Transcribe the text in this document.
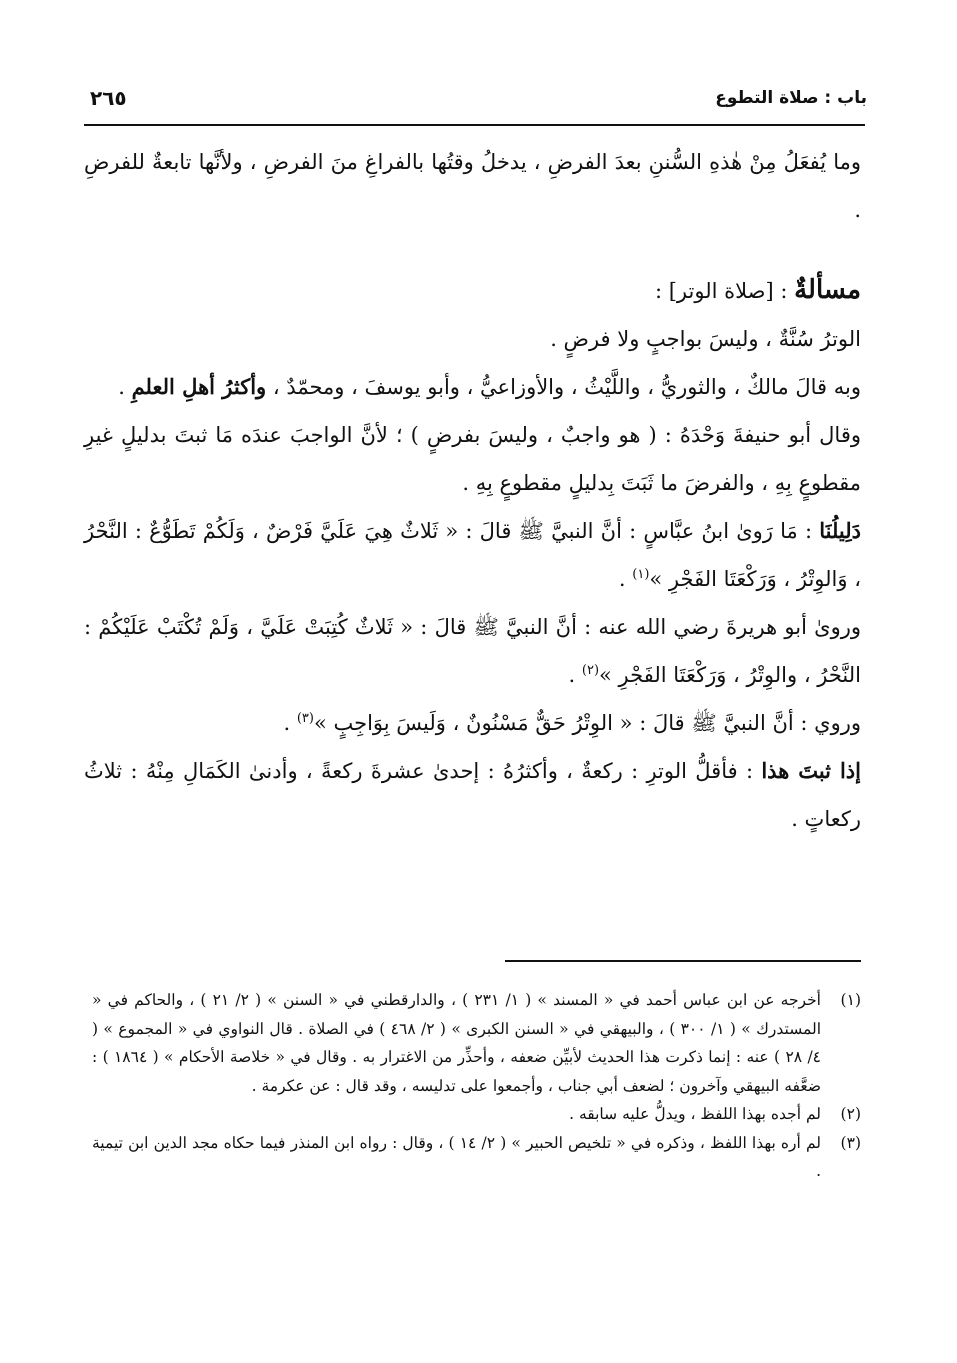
باب : صلاة التطوع
٢٦٥

وما يُفعَلُ مِنْ هٰذهِ السُّننِ بعدَ الفرضِ ، يدخلُ وقتُها بالفراغِ منَ الفرضِ ، ولأنَّها تابعةٌ للفرضِ .

مسألةٌ : [صلاة الوتر] :

الوترُ سُنَّةٌ ، وليسَ بواجبٍ ولا فرضٍ .

وبه قالَ مالكٌ ، والثوريُّ ، واللَّيْثُ ، والأوزاعيُّ ، وأبو يوسفَ ، ومحمّدٌ ، وأكثرُ أهلِ العلمِ .

وقال أبو حنيفةَ وَحْدَهُ : ( هو واجبٌ ، وليسَ بفرضٍ ) ؛ لأنَّ الواجبَ عندَه مَا ثبتَ بدليلٍ غيرِ مقطوعٍ بِهِ ، والفرضَ ما ثَبَتَ بِدليلٍ مقطوعٍ بِهِ .

دَلِيلُنَا : مَا رَوىٰ ابنُ عبَّاسٍ : أنَّ النبيَّ ﷺ قالَ : « ثَلاثٌ هِيَ عَلَيَّ فَرْضٌ ، وَلَكُمْ تَطَوُّعٌ : النَّحْرُ ، وَالوِتْرُ ، وَرَكْعَتَا الفَجْرِ »$^{(١)}$ .

وروىٰ أبو هريرةَ رضي الله عنه : أنَّ النبيَّ ﷺ قالَ : « ثَلاثٌ كُتِبَتْ عَلَيَّ ، وَلَمْ تُكْتَبْ عَلَيْكُمْ : النَّحْرُ ، والوِتْرُ ، وَرَكْعَتَا الفَجْرِ »$^{(٢)}$ .

وروي : أنَّ النبيَّ ﷺ قالَ : « الوِتْرُ حَقٌّ مَسْنُونٌ ، وَلَيسَ بِوَاجِبٍ »$^{(٣)}$ .

إذا ثبتَ هذا : فأقلُّ الوترِ : ركعةٌ ، وأكثرُهُ : إحدىٰ عشرةَ ركعةً ، وأدنىٰ الكَمَالِ مِنْهُ : ثلاثُ ركعاتٍ .

(١)
أخرجه عن ابن عباس أحمد في « المسند » ( ١/ ٢٣١ ) ، والدارقطني في « السنن » ( ٢/ ٢١ ) ، والحاكم في « المستدرك » ( ١/ ٣٠٠ ) ، والبيهقي في « السنن الكبرى » ( ٢/ ٤٦٨ ) في الصلاة . قال النواوي في « المجموع » ( ٤/ ٢٨ ) عنه : إنما ذكرت هذا الحديث لأبيِّن ضعفه ، وأحذِّر من الاغترار به . وقال في « خلاصة الأحكام » ( ١٨٦٤ ) : ضعَّفه البيهقي وآخرون ؛ لضعف أبي جناب ، وأجمعوا على تدليسه ، وقد قال : عن عكرمة .
(٢)
لم أجده بهذا اللفظ ، ويدلُّ عليه سابقه .
(٣)
لم أره بهذا اللفظ ، وذكره في « تلخيص الحبير » ( ٢/ ١٤ ) ، وقال : رواه ابن المنذر فيما حكاه مجد الدين ابن تيمية .
